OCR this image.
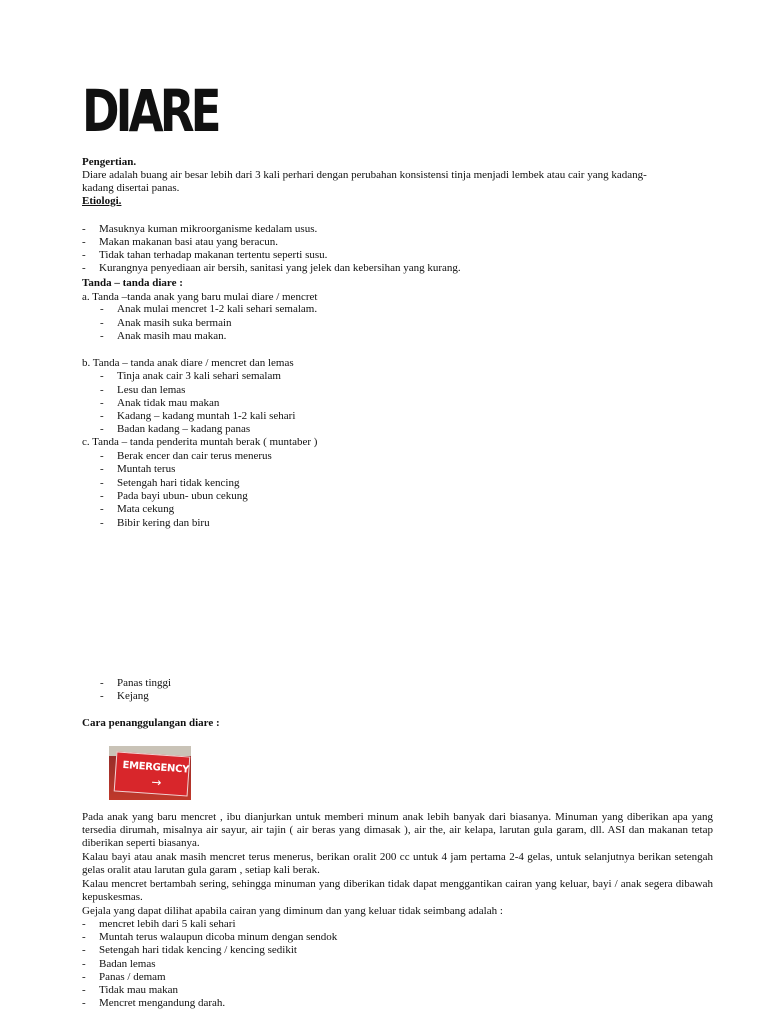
DIARE

Pengertian.

Diare adalah buang air besar lebih dari 3 kali perhari dengan perubahan konsistensi tinja menjadi lembek atau cair yang kadang-

kadang disertai panas.

Etiologi.

- Masuknya kuman mikroorganisme kedalam usus.
- Makan makanan basi atau yang beracun.
- Tidak tahan terhadap makanan tertentu seperti susu.
- Kurangnya penyediaan air bersih, sanitasi yang jelek dan kebersihan yang kurang.

Tanda – tanda diare :

a. Tanda –tanda anak yang baru mulai diare / mencret

- Anak mulai mencret 1-2 kali sehari semalam.
- Anak masih suka bermain
- Anak masih mau makan.

b. Tanda – tanda anak diare / mencret dan lemas

- Tinja anak cair 3 kali sehari semalam
- Lesu dan lemas
- Anak tidak mau makan
- Kadang – kadang muntah 1-2 kali sehari
- Badan kadang – kadang panas

c. Tanda – tanda penderita muntah berak ( muntaber )

- Berak encer dan cair terus menerus
- Muntah terus
- Setengah hari tidak kencing
- Pada bayi ubun- ubun cekung
- Mata cekung
- Bibir kering dan biru
- Panas tinggi
- Kejang

Cara penanggulangan diare :

EMERGENCY
→

Pada anak yang baru mencret , ibu dianjurkan untuk memberi minum anak lebih banyak dari biasanya. Minuman yang diberikan apa yang tersedia dirumah, misalnya air sayur, air tajin ( air beras yang dimasak ), air the, air kelapa, larutan gula garam, dll. ASI dan makanan tetap diberikan seperti biasanya.

Kalau bayi atau anak masih mencret terus menerus, berikan oralit 200 cc untuk 4 jam pertama 2-4 gelas, untuk selanjutnya berikan setengah gelas oralit atau larutan gula garam , setiap kali berak.

Kalau mencret bertambah sering, sehingga minuman yang diberikan tidak dapat menggantikan cairan yang keluar, bayi / anak segera dibawah kepuskesmas.

Gejala yang dapat dilihat apabila cairan yang diminum dan yang keluar tidak seimbang adalah :

- mencret lebih dari 5 kali sehari
- Muntah terus walaupun dicoba minum dengan sendok
- Setengah hari tidak kencing / kencing sedikit
- Badan lemas
- Panas / demam
- Tidak mau makan
- Mencret mengandung darah.
